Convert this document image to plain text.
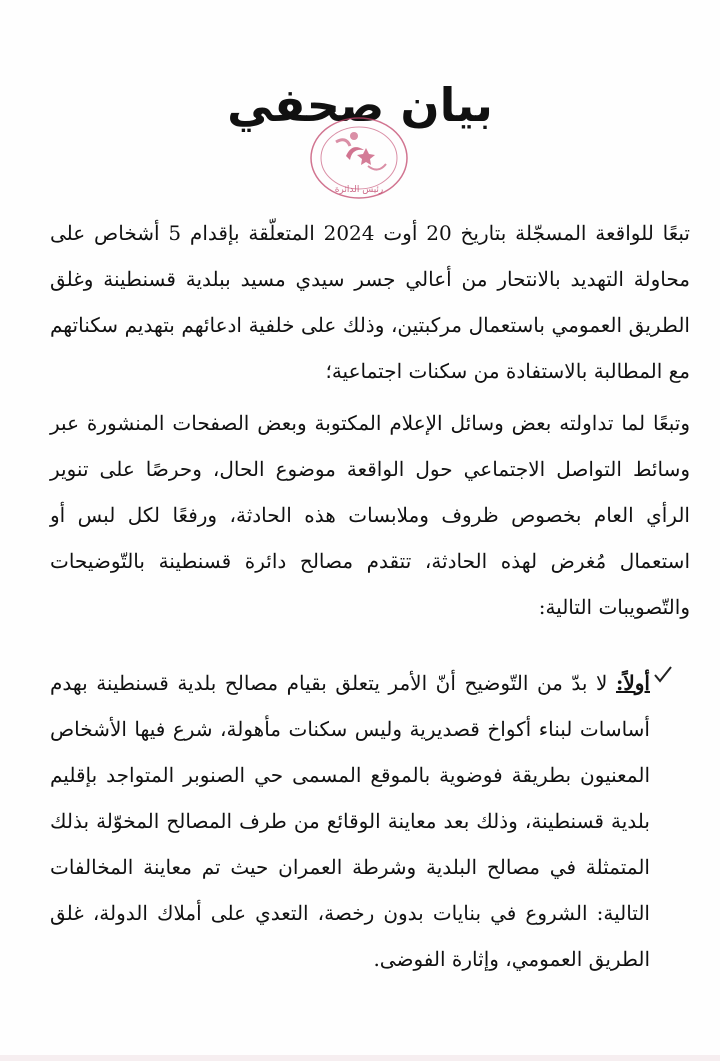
بيان صحفي
رئيس الدائرة

تبعًا للواقعة المسجّلة بتاريخ 20 أوت 2024 المتعلّقة بإقدام 5 أشخاص على محاولة التهديد بالانتحار من أعالي جسر سيدي مسيد ببلدية قسنطينة وغلق الطريق العمومي باستعمال مركبتين، وذلك على خلفية ادعائهم بتهديم سكناتهم مع المطالبة بالاستفادة من سكنات اجتماعية؛

وتبعًا لما تداولته بعض وسائل الإعلام المكتوبة وبعض الصفحات المنشورة عبر وسائط التواصل الاجتماعي حول الواقعة موضوع الحال، وحرصًا على تنوير الرأي العام بخصوص ظروف وملابسات هذه الحادثة، ورفعًا لكل لبس أو استعمال مُغرض لهذه الحادثة، تتقدم مصالح دائرة قسنطينة بالتّوضيحات والتّصويبات التالية:

أولاً: لا بدّ من التّوضيح أنّ الأمر يتعلق بقيام مصالح بلدية قسنطينة بهدم أساسات لبناء أكواخ قصديرية وليس سكنات مأهولة، شرع فيها الأشخاص المعنيون بطريقة فوضوية بالموقع المسمى حي الصنوبر المتواجد بإقليم بلدية قسنطينة، وذلك بعد معاينة الوقائع من طرف المصالح المخوّلة بذلك المتمثلة في مصالح البلدية وشرطة العمران حيث تم معاينة المخالفات التالية: الشروع في بنايات بدون رخصة، التعدي على أملاك الدولة، غلق الطريق العمومي، وإثارة الفوضى.
